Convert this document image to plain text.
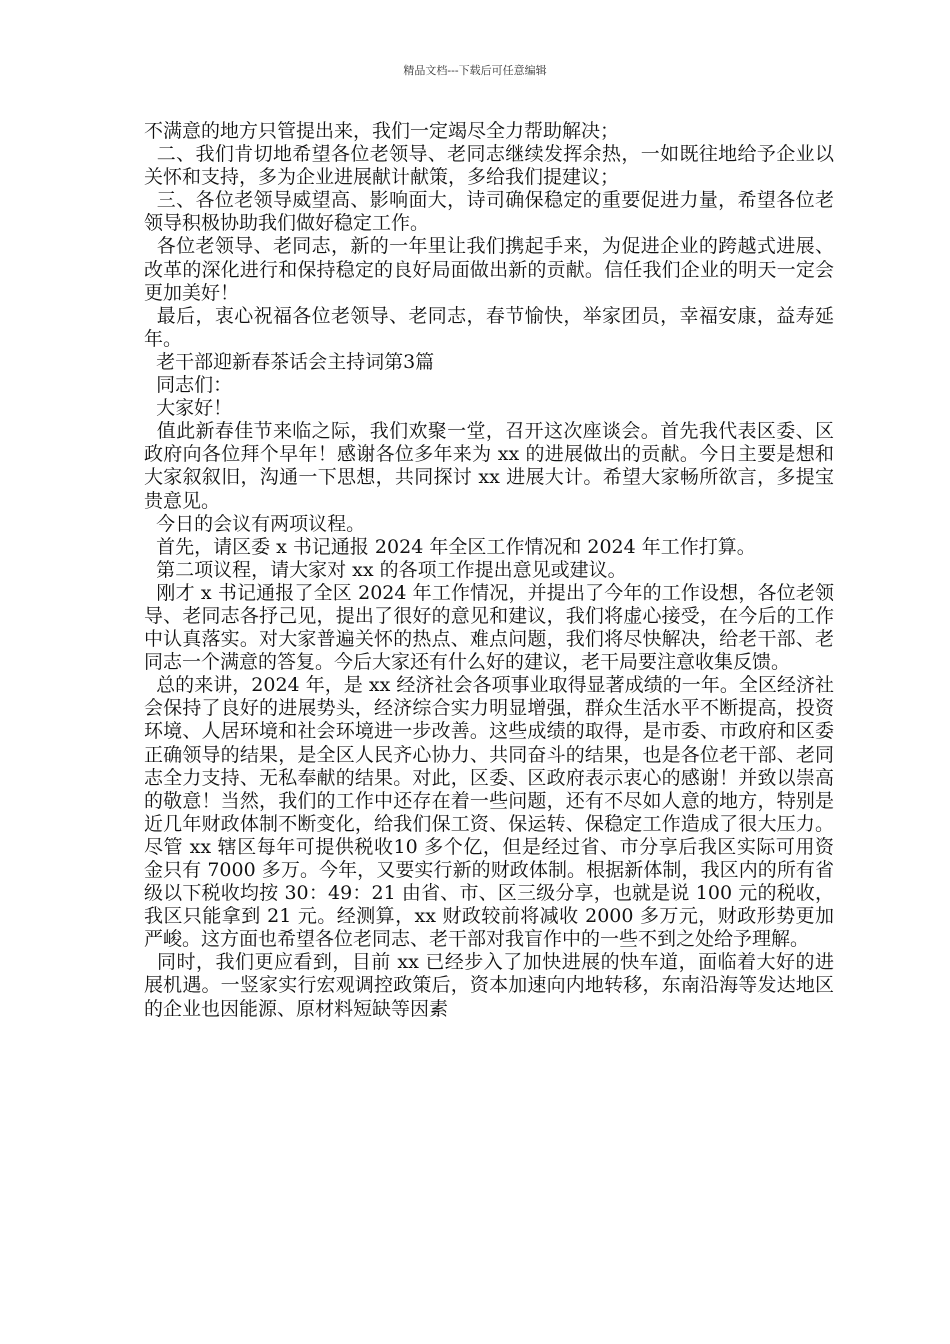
精品文档---下载后可任意编辑

不满意的地方只管提出来，我们一定竭尽全力帮助解决；

二、我们肯切地希望各位老领导、老同志继续发挥余热，一如既往地给予企业以关怀和支持，多为企业进展献计献策，多给我们提建议；

三、各位老领导威望高、影响面大，诗司确保稳定的重要促进力量，希望各位老领导积极协助我们做好稳定工作。

各位老领导、老同志，新的一年里让我们携起手来，为促进企业的跨越式进展、改革的深化进行和保持稳定的良好局面做出新的贡献。信任我们企业的明天一定会更加美好！

最后，衷心祝福各位老领导、老同志，春节愉快，举家团员，幸福安康，益寿延年。

老干部迎新春茶话会主持词第3篇

同志们：

大家好！

值此新春佳节来临之际，我们欢聚一堂，召开这次座谈会。首先我代表区委、区政府向各位拜个早年！感谢各位多年来为 xx 的进展做出的贡献。今日主要是想和大家叙叙旧，沟通一下思想，共同探讨 xx 进展大计。希望大家畅所欲言，多提宝贵意见。

今日的会议有两项议程。

首先，请区委 x 书记通报 2024 年全区工作情况和 2024 年工作打算。

第二项议程，请大家对 xx 的各项工作提出意见或建议。

刚才 x 书记通报了全区 2024 年工作情况，并提出了今年的工作设想，各位老领导、老同志各抒己见，提出了很好的意见和建议，我们将虚心接受，在今后的工作中认真落实。对大家普遍关怀的热点、难点问题，我们将尽快解决，给老干部、老同志一个满意的答复。今后大家还有什么好的建议，老干局要注意收集反馈。

总的来讲，2024 年，是 xx 经济社会各项事业取得显著成绩的一年。全区经济社会保持了良好的进展势头，经济综合实力明显增强，群众生活水平不断提高，投资环境、人居环境和社会环境进一步改善。这些成绩的取得，是市委、市政府和区委正确领导的结果，是全区人民齐心协力、共同奋斗的结果，也是各位老干部、老同志全力支持、无私奉献的结果。对此，区委、区政府表示衷心的感谢！并致以崇高的敬意！当然，我们的工作中还存在着一些问题，还有不尽如人意的地方，特别是近几年财政体制不断变化，给我们保工资、保运转、保稳定工作造成了很大压力。尽管 xx 辖区每年可提供税收10 多个亿，但是经过省、市分享后我区实际可用资金只有 7000 多万。今年，又要实行新的财政体制。根据新体制，我区内的所有省级以下税收均按 30：49：21 由省、市、区三级分享，也就是说 100 元的税收，我区只能拿到 21 元。经测算，xx 财政较前将减收 2000 多万元，财政形势更加严峻。这方面也希望各位老同志、老干部对我盲作中的一些不到之处给予理解。

同时，我们更应看到，目前 xx 已经步入了加快进展的快车道，面临着大好的进展机遇。一竖家实行宏观调控政策后，资本加速向内地转移，东南沿海等发达地区的企业也因能源、原材料短缺等因素
